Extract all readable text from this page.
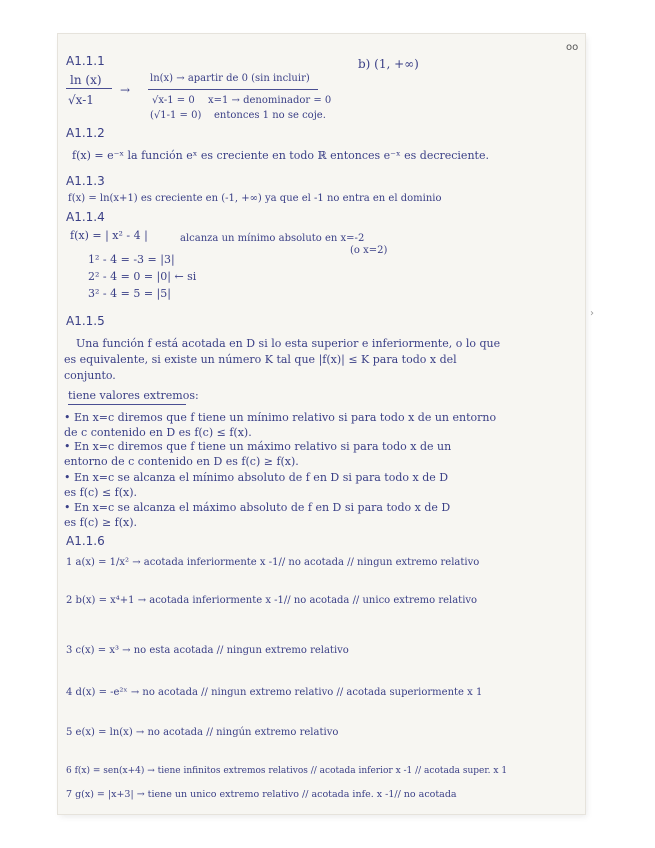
oo
A1.1.1
ln (x)
√x-1
→
ln(x) → apartir de 0 (sin incluir)
√x-1 = 0 x=1 → denominador = 0
(√1-1 = 0) entonces 1 no se coje.
b) (1, +∞)
A1.1.2
f(x) = e⁻ˣ la función eˣ es creciente en todo ℝ entonces e⁻ˣ es decreciente.
A1.1.3
f(x) = ln(x+1) es creciente en (-1, +∞) ya que el -1 no entra en el dominio
A1.1.4
f(x) = | x² - 4 |	alcanza un mínimo absoluto en x=-2
(o x=2)
1² - 4 = -3 = |3|
2² - 4 = 0 = |0| ← si
3² - 4 = 5 = |5|
A1.1.5
Una función f está acotada en D si lo esta superior e inferiormente, o lo que
es equivalente, si existe un número K tal que |f(x)| ≤ K para todo x del
conjunto.
tiene valores extremos:
• En x=c diremos que f tiene un mínimo relativo si para todo x de un entorno
de c contenido en D es f(c) ≤ f(x).
• En x=c diremos que f tiene un máximo relativo si para todo x de un
entorno de c contenido en D es f(c) ≥ f(x).
• En x=c se alcanza el mínimo absoluto de f en D si para todo x de D
es f(c) ≤ f(x).
• En x=c se alcanza el máximo absoluto de f en D si para todo x de D
es f(c) ≥ f(x).
A1.1.6
1 a(x) = 1/x² → acotada inferiormente x -1// no acotada // ningun extremo relativo
2 b(x) = x⁴+1 → acotada inferiormente x -1// no acotada // unico extremo relativo
3 c(x) = x³ → no esta acotada // ningun extremo relativo
4 d(x) = -e²ˣ → no acotada // ningun extremo relativo // acotada superiormente x 1
5 e(x) = ln(x) → no acotada // ningún extremo relativo
6 f(x) = sen(x+4) → tiene infinitos extremos relativos // acotada inferior x -1 // acotada super. x 1
7 g(x) = |x+3| → tiene un unico extremo relativo // acotada infe. x -1// no acotada
›
